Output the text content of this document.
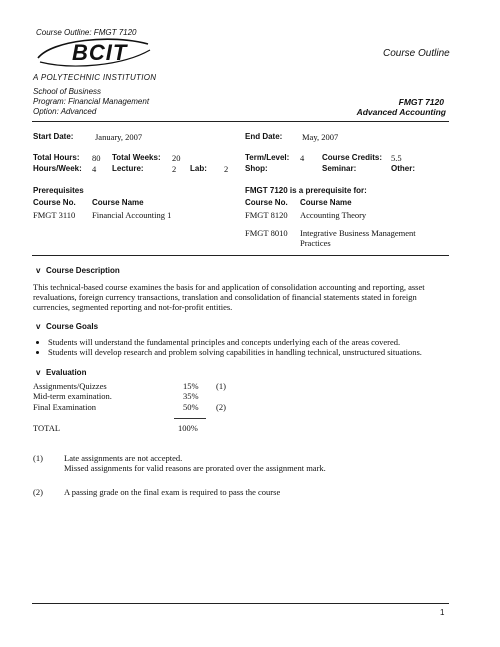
Course Outline: FMGT 7120
BCIT
A POLYTECHNIC INSTITUTION
Course Outline
School of Business
Program: Financial Management
Option: Advanced
FMGT 7120
Advanced Accounting
Start Date:	January, 2007	End Date: May, 2007
Total Hours: 80 Total Weeks: 20	Term/Level: 4 Course Credits: 5.5
Hours/Week: 4 Lecture:	2 Lab: 2 Shop:	Seminar:	Other:
Prerequisites
Course No. Course Name
FMGT 3110 Financial Accounting 1
FMGT 7120 is a prerequisite for:
Course No. Course Name
FMGT 8120 Accounting Theory
FMGT 8010 Integrative Business Management
Practices
v Course Description
This technical-based course examines the basis for and application of consolidation accounting and reporting, asset
revaluations, foreign currency transactions, translation and consolidation of financial statements stated in foreign
currencies, segmented reporting and not-for-profit entities.
v Course Goals
Students will understand the fundamental principles and concepts underlying each of the areas covered.
Students will develop research and problem solving capabilities in handling technical, unstructured situations.
v Evaluation
Assignments/Quizzes	15% (1)
Mid-term examination.	35%
Final Examination	50% (2)
TOTAL	100%
(1) Late assignments are not accepted.
Missed assignments for valid reasons are prorated over the assignment mark.
(2) A passing grade on the final exam is required to pass the course
1
